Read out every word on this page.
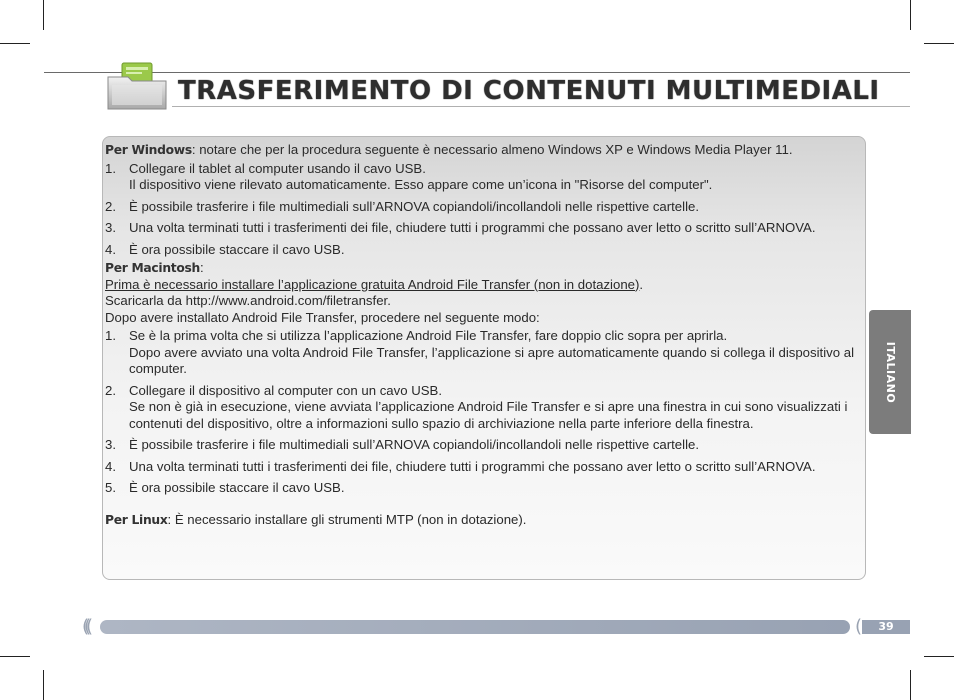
TRASFERIMENTO DI CONTENUTI MULTIMEDIALI

Per Windows: notare che per la procedura seguente è necessario almeno Windows XP e Windows Media Player 11.

1. Collegare il tablet al computer usando il cavo USB.
Il dispositivo viene rilevato automaticamente. Esso appare come un’icona in "Risorse del computer".
2. È possibile trasferire i file multimediali sull’ARNOVA copiandoli/incollandoli nelle rispettive cartelle.
3. Una volta terminati tutti i trasferimenti dei file, chiudere tutti i programmi che possano aver letto o scritto sull’ARNOVA.
4. È ora possibile staccare il cavo USB.

Per Macintosh:

Prima è necessario installare l’applicazione gratuita Android File Transfer (non in dotazione).

Scaricarla da http://www.android.com/filetransfer.

Dopo avere installato Android File Transfer, procedere nel seguente modo:

1. Se è la prima volta che si utilizza l’applicazione Android File Transfer, fare doppio clic sopra per aprirla.
Dopo avere avviato una volta Android File Transfer, l’applicazione si apre automaticamente quando si collega il dispositivo al computer.
2. Collegare il dispositivo al computer con un cavo USB.
Se non è già in esecuzione, viene avviata l’applicazione Android File Transfer e si apre una finestra in cui sono visualizzati i contenuti del dispositivo, oltre a informazioni sullo spazio di archiviazione nella parte inferiore della finestra.
3. È possibile trasferire i file multimediali sull’ARNOVA copiandoli/incollandoli nelle rispettive cartelle.
4. Una volta terminati tutti i trasferimenti dei file, chiudere tutti i programmi che possano aver letto o scritto sull’ARNOVA.
5. È ora possibile staccare il cavo USB.

Per Linux: È necessario installare gli strumenti MTP (non in dotazione).

ITALIANO
(((	(	39
